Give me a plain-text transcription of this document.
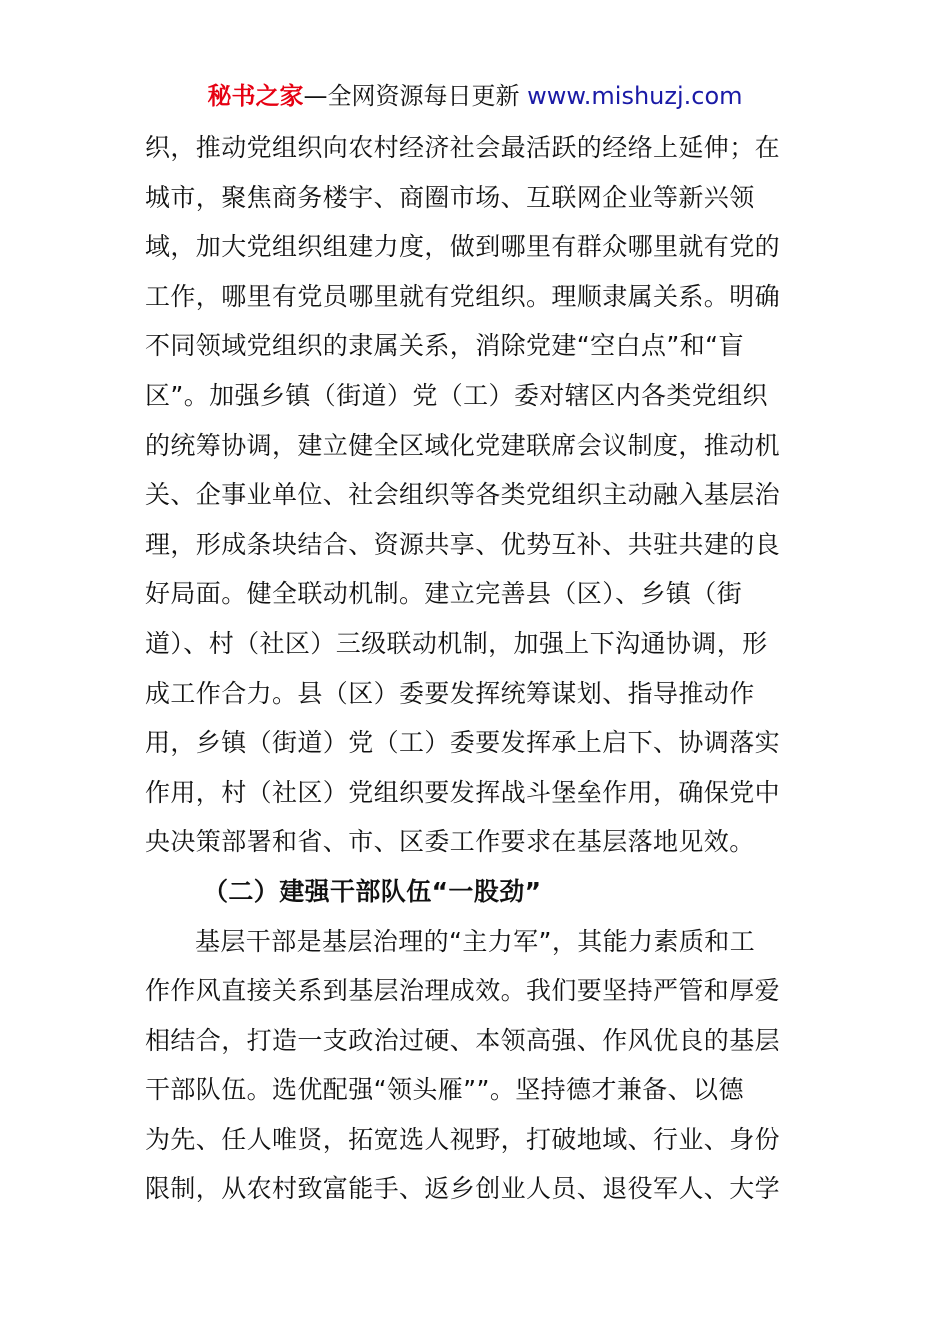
秘书之家—全网资源每日更新 www.mishuzj.com
织，推动党组织向农村经济社会最活跃的经络上延伸；在
城市，聚焦商务楼宇、商圈市场、互联网企业等新兴领
域，加大党组织组建力度，做到哪里有群众哪里就有党的
工作，哪里有党员哪里就有党组织。理顺隶属关系。明确
不同领域党组织的隶属关系，消除党建“空白点”和“盲
区”。加强乡镇（街道）党（工）委对辖区内各类党组织
的统筹协调，建立健全区域化党建联席会议制度，推动机
关、企事业单位、社会组织等各类党组织主动融入基层治
理，形成条块结合、资源共享、优势互补、共驻共建的良
好局面。健全联动机制。建立完善县（区）、乡镇（街
道）、村（社区）三级联动机制，加强上下沟通协调，形
成工作合力。县（区）委要发挥统筹谋划、指导推动作
用，乡镇（街道）党（工）委要发挥承上启下、协调落实
作用，村（社区）党组织要发挥战斗堡垒作用，确保党中
央决策部署和省、市、区委工作要求在基层落地见效。
（二）建强干部队伍“一股劲”
基层干部是基层治理的“主力军”，其能力素质和工
作作风直接关系到基层治理成效。我们要坚持严管和厚爱
相结合，打造一支政治过硬、本领高强、作风优良的基层
干部队伍。选优配强“领头雁””。坚持德才兼备、以德
为先、任人唯贤，拓宽选人视野，打破地域、行业、身份
限制，从农村致富能手、返乡创业人员、退役军人、大学
